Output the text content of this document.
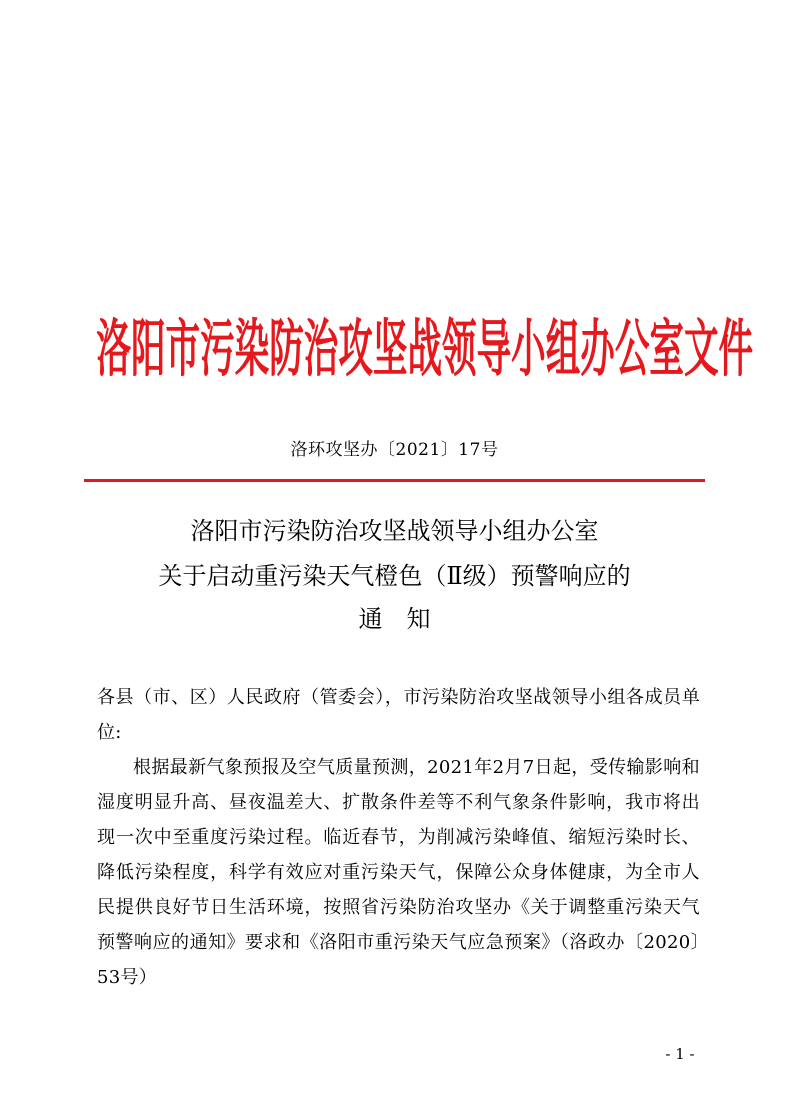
洛阳市污染防治攻坚战领导小组办公室文件
洛环攻坚办〔2021〕17号
洛阳市污染防治攻坚战领导小组办公室
关于启动重污染天气橙色（Ⅱ级）预警响应的
通知

各县（市、区）人民政府（管委会），市污染防治攻坚战领导小组各成员单位:

根据最新气象预报及空气质量预测，2021年2月7日起，受传输影响和湿度明显升高、昼夜温差大、扩散条件差等不利气象条件影响，我市将出现一次中至重度污染过程。临近春节，为削减污染峰值、缩短污染时长、降低污染程度，科学有效应对重污染天气，保障公众身体健康，为全市人民提供良好节日生活环境，按照省污染防治攻坚办《关于调整重污染天气预警响应的通知》要求和《洛阳市重污染天气应急预案》（洛政办〔2020〕53号）

- 1 -
